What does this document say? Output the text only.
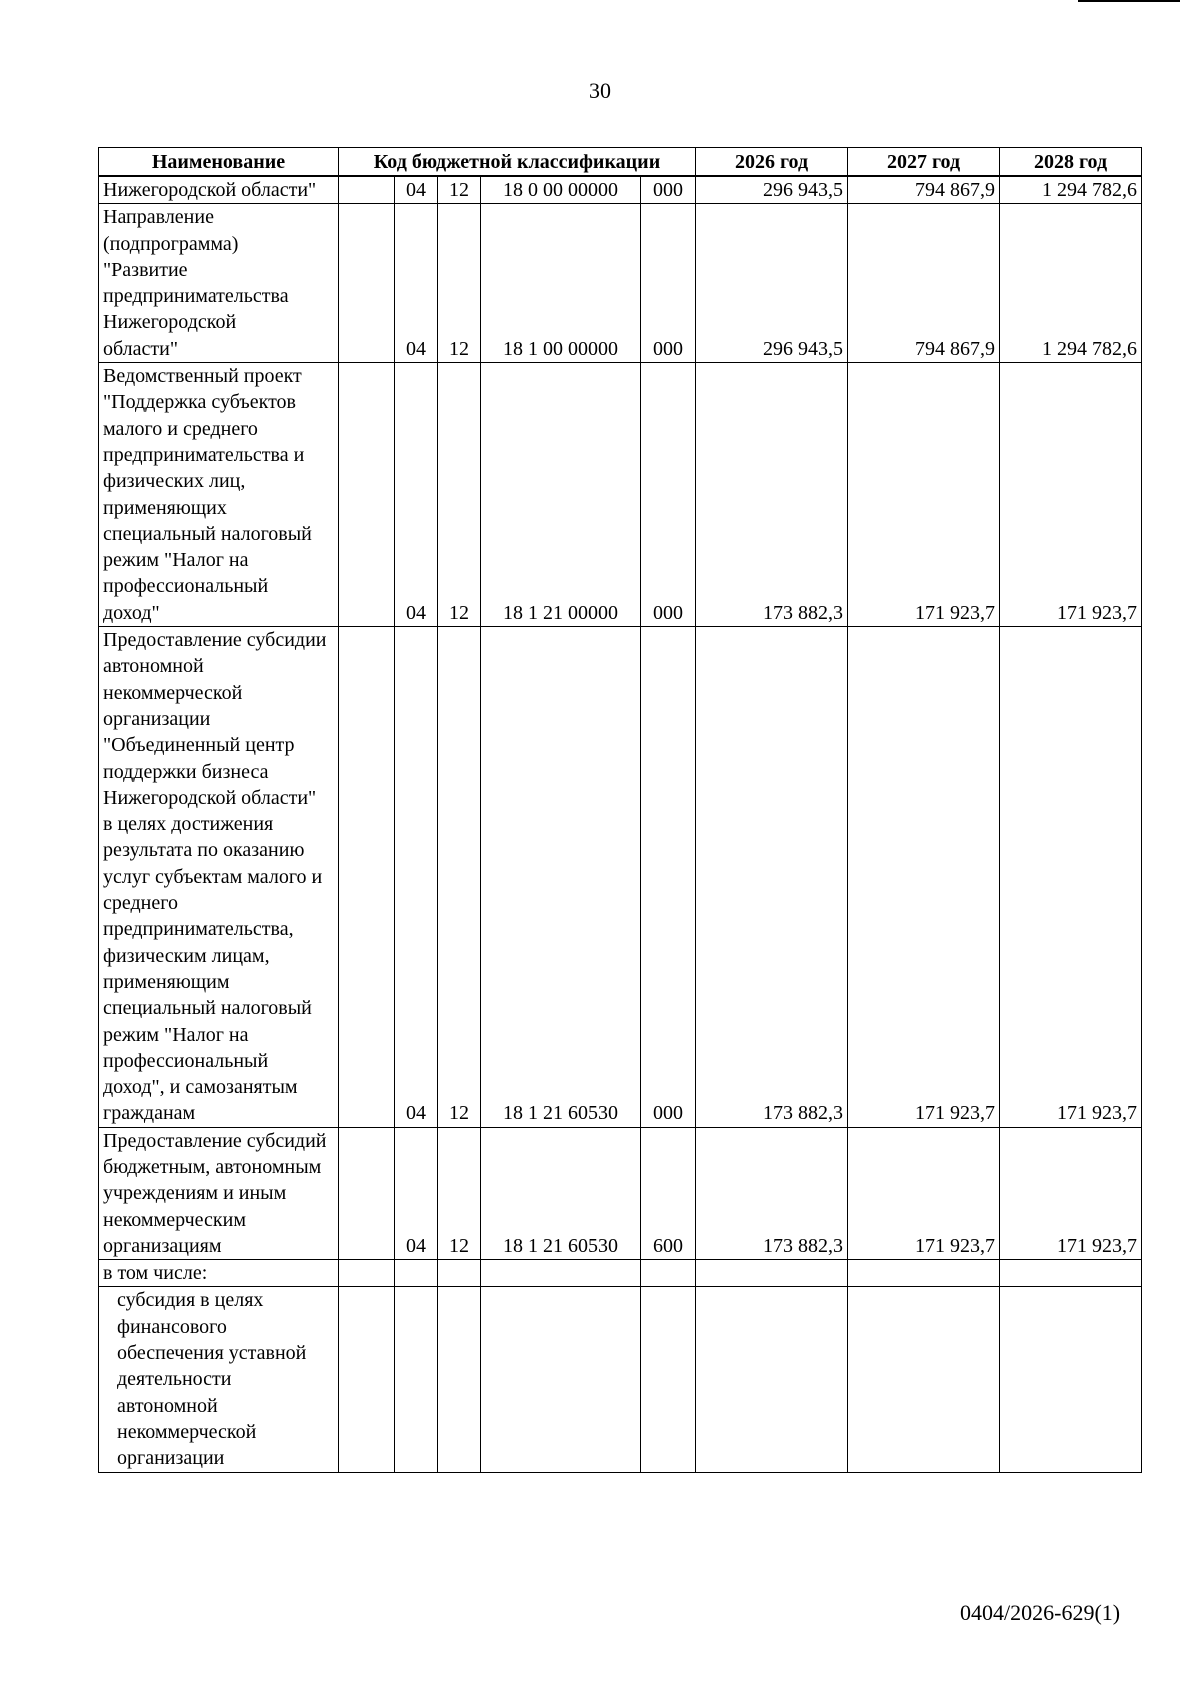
30
Наименование	Код бюджетной классификации					2026 год	2027 год	2028 год

Нижегородской области"		04	12	18 0 00 00000	000	296 943,5	794 867,9	1 294 782,6

Направление (подпрограмма) "Развитие предпринимательства Нижегородской области"		04	12	18 1 00 00000	000	296 943,5	794 867,9	1 294 782,6

Ведомственный проект "Поддержка субъектов малого и среднего предпринимательства и физических лиц, применяющих специальный налоговый режим "Налог на профессиональный доход"		04	12	18 1 21 00000	000	173 882,3	171 923,7	171 923,7

Предоставление субсидии автономной некоммерческой организации "Объединенный центр поддержки бизнеса Нижегородской области" в целях достижения результата по оказанию услуг субъектам малого и среднего предпринимательства, физическим лицам, применяющим специальный налоговый режим "Налог на профессиональный доход", и самозанятым гражданам		04	12	18 1 21 60530	000	173 882,3	171 923,7	171 923,7

Предоставление субсидий бюджетным, автономным учреждениям и иным некоммерческим организациям		04	12	18 1 21 60530	600	173 882,3	171 923,7	171 923,7

в том числе:								

субсидия в целях финансового обеспечения уставной деятельности автономной некоммерческой организации								

0404/2026-629(1)
